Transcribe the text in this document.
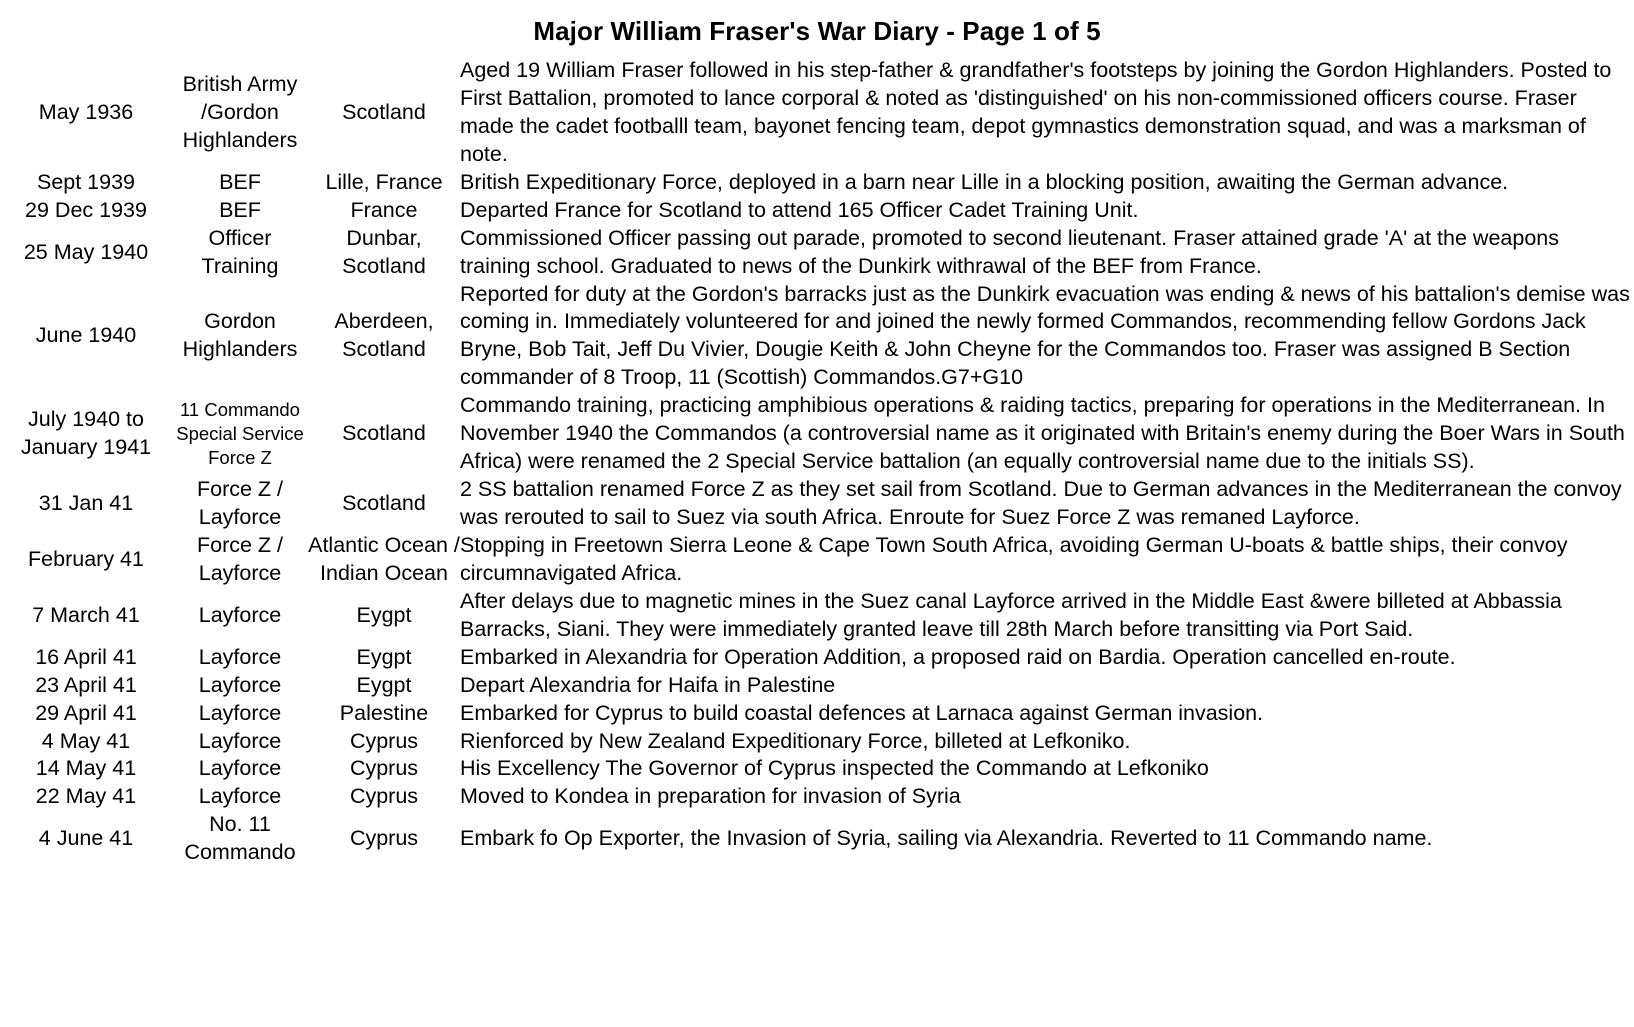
Major William Fraser's War Diary - Page 1 of 5
May 1936	British Army /Gordon Highlanders	Scotland	Aged 19 William Fraser followed in his step-father & grandfather's footsteps by joining the Gordon Highlanders. Posted to First Battalion, promoted to lance corporal & noted as 'distinguished' on his non-commissioned officers course. Fraser made the cadet footballl team, bayonet fencing team, depot gymnastics demonstration squad, and was a marksman of note.
Sept 1939	BEF	Lille, France	British Expeditionary Force, deployed in a barn near Lille in a blocking position, awaiting the German advance.
29 Dec 1939	BEF	France	Departed France for Scotland to attend 165 Officer Cadet Training Unit.
25 May 1940	Officer Training	Dunbar, Scotland	Commissioned Officer passing out parade, promoted to second lieutenant. Fraser attained grade 'A' at the weapons training school. Graduated to news of the Dunkirk withrawal of the BEF from France.
June 1940	Gordon Highlanders	Aberdeen, Scotland	Reported for duty at the Gordon's barracks just as the Dunkirk evacuation was ending & news of his battalion's demise was coming in. Immediately volunteered for and joined the newly formed Commandos, recommending fellow Gordons Jack Bryne, Bob Tait, Jeff Du Vivier, Dougie Keith & John Cheyne for the Commandos too. Fraser was assigned B Section commander of 8 Troop, 11 (Scottish) Commandos.G7+G10
July 1940 to January 1941	11 Commando Special Service Force Z	Scotland	Commando training, practicing amphibious operations & raiding tactics, preparing for operations in the Mediterranean. In November 1940 the Commandos (a controversial name as it originated with Britain's enemy during the Boer Wars in South Africa) were renamed the 2 Special Service battalion (an equally controversial name due to the initials SS).
31 Jan 41	Force Z / Layforce	Scotland	2 SS battalion renamed Force Z as they set sail from Scotland. Due to German advances in the Mediterranean the convoy was rerouted to sail to Suez via south Africa. Enroute for Suez Force Z was remaned Layforce.
February 41	Force Z / Layforce	Atlantic Ocean / Indian Ocean	Stopping in Freetown Sierra Leone & Cape Town South Africa, avoiding German U-boats & battle ships, their convoy circumnavigated Africa.
7 March 41	Layforce	Eygpt	After delays due to magnetic mines in the Suez canal Layforce arrived in the Middle East &were billeted at Abbassia Barracks, Siani. They were immediately granted leave till 28th March before transitting via Port Said.
16 April 41	Layforce	Eygpt	Embarked in Alexandria for Operation Addition, a proposed raid on Bardia. Operation cancelled en-route.
23 April 41	Layforce	Eygpt	Depart Alexandria for Haifa in Palestine
29 April 41	Layforce	Palestine	Embarked for Cyprus to build coastal defences at Larnaca against German invasion.
4 May 41	Layforce	Cyprus	Rienforced by New Zealand Expeditionary Force, billeted at Lefkoniko.
14 May 41	Layforce	Cyprus	His Excellency The Governor of Cyprus inspected the Commando at Lefkoniko
22 May 41	Layforce	Cyprus	Moved to Kondea in preparation for invasion of Syria
4 June 41	No. 11 Commando	Cyprus	Embark fo Op Exporter, the Invasion of Syria, sailing via Alexandria. Reverted to 11 Commando name.
